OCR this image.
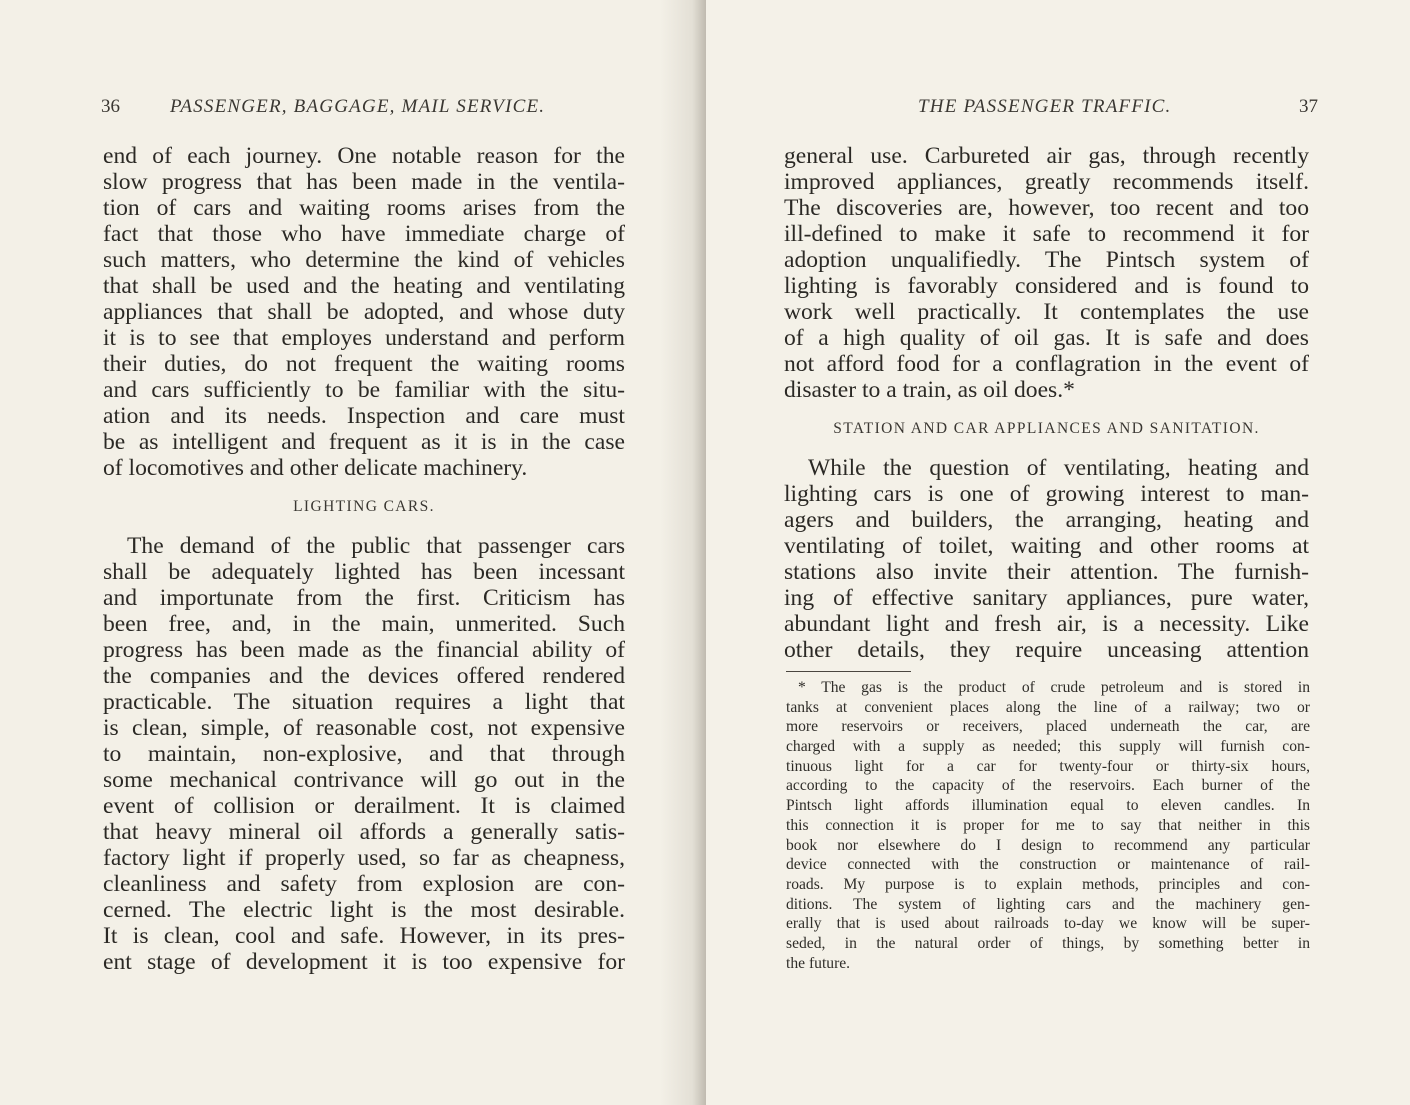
36	PASSENGER, BAGGAGE, MAIL SERVICE.
end of each journey. One notable reason for the
slow progress that has been made in the ventila-
tion of cars and waiting rooms arises from the
fact that those who have immediate charge of
such matters, who determine the kind of vehicles
that shall be used and the heating and ventilating
appliances that shall be adopted, and whose duty
it is to see that employes understand and perform
their duties, do not frequent the waiting rooms
and cars sufficiently to be familiar with the situ-
ation and its needs. Inspection and care must
be as intelligent and frequent as it is in the case
of locomotives and other delicate machinery.
LIGHTING CARS.
The demand of the public that passenger cars
shall be adequately lighted has been incessant
and importunate from the first. Criticism has
been free, and, in the main, unmerited. Such
progress has been made as the financial ability of
the companies and the devices offered rendered
practicable. The situation requires a light that
is clean, simple, of reasonable cost, not expensive
to maintain, non-explosive, and that through
some mechanical contrivance will go out in the
event of collision or derailment. It is claimed
that heavy mineral oil affords a generally satis-
factory light if properly used, so far as cheapness,
cleanliness and safety from explosion are con-
cerned. The electric light is the most desirable.
It is clean, cool and safe. However, in its pres-
ent stage of development it is too expensive for
THE PASSENGER TRAFFIC.	37
general use. Carbureted air gas, through recently
improved appliances, greatly recommends itself.
The discoveries are, however, too recent and too
ill-defined to make it safe to recommend it for
adoption unqualifiedly. The Pintsch system of
lighting is favorably considered and is found to
work well practically. It contemplates the use
of a high quality of oil gas. It is safe and does
not afford food for a conflagration in the event of
disaster to a train, as oil does.*
STATION AND CAR APPLIANCES AND SANITATION.
While the question of ventilating, heating and
lighting cars is one of growing interest to man-
agers and builders, the arranging, heating and
ventilating of toilet, waiting and other rooms at
stations also invite their attention. The furnish-
ing of effective sanitary appliances, pure water,
abundant light and fresh air, is a necessity. Like
other details, they require unceasing attention
* The gas is the product of crude petroleum and is stored in
tanks at convenient places along the line of a railway; two or
more reservoirs or receivers, placed underneath the car, are
charged with a supply as needed; this supply will furnish con-
tinuous light for a car for twenty-four or thirty-six hours,
according to the capacity of the reservoirs. Each burner of the
Pintsch light affords illumination equal to eleven candles. In
this connection it is proper for me to say that neither in this
book nor elsewhere do I design to recommend any particular
device connected with the construction or maintenance of rail-
roads. My purpose is to explain methods, principles and con-
ditions. The system of lighting cars and the machinery gen-
erally that is used about railroads to-day we know will be super-
seded, in the natural order of things, by something better in
the future.
